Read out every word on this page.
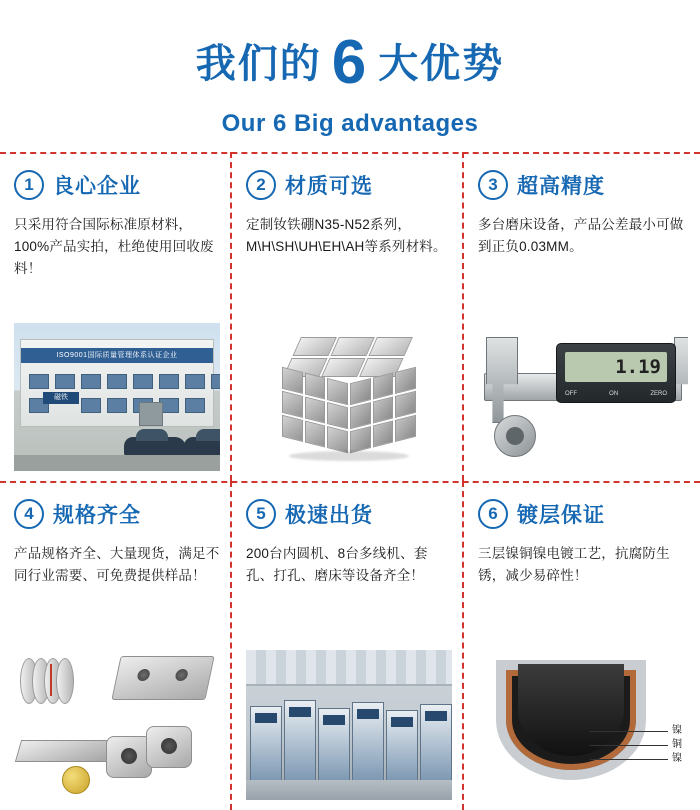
我们的 6 大优势
Our 6 Big advantages
1 良心企业
只采用符合国际标准原材料，100%产品实拍，杜绝使用回收废料！
ISO9001国际质量管理体系认证企业
磁铁
2 材质可选
定制钕铁硼N35-N52系列，M\H\SH\UH\EH\AH等系列材料。
3 超高精度
多台磨床设备，产品公差最小可做到正负0.03MM。
1.19
OFF	ON	ZERO
4 规格齐全
产品规格齐全、大量现货，满足不同行业需要、可免费提供样品！
5 极速出货
200台内圆机、8台多线机、套孔、打孔、磨床等设备齐全！
6 镀层保证
三层镍铜镍电镀工艺，抗腐防生锈，减少易碎性！
镍
铜
镍
